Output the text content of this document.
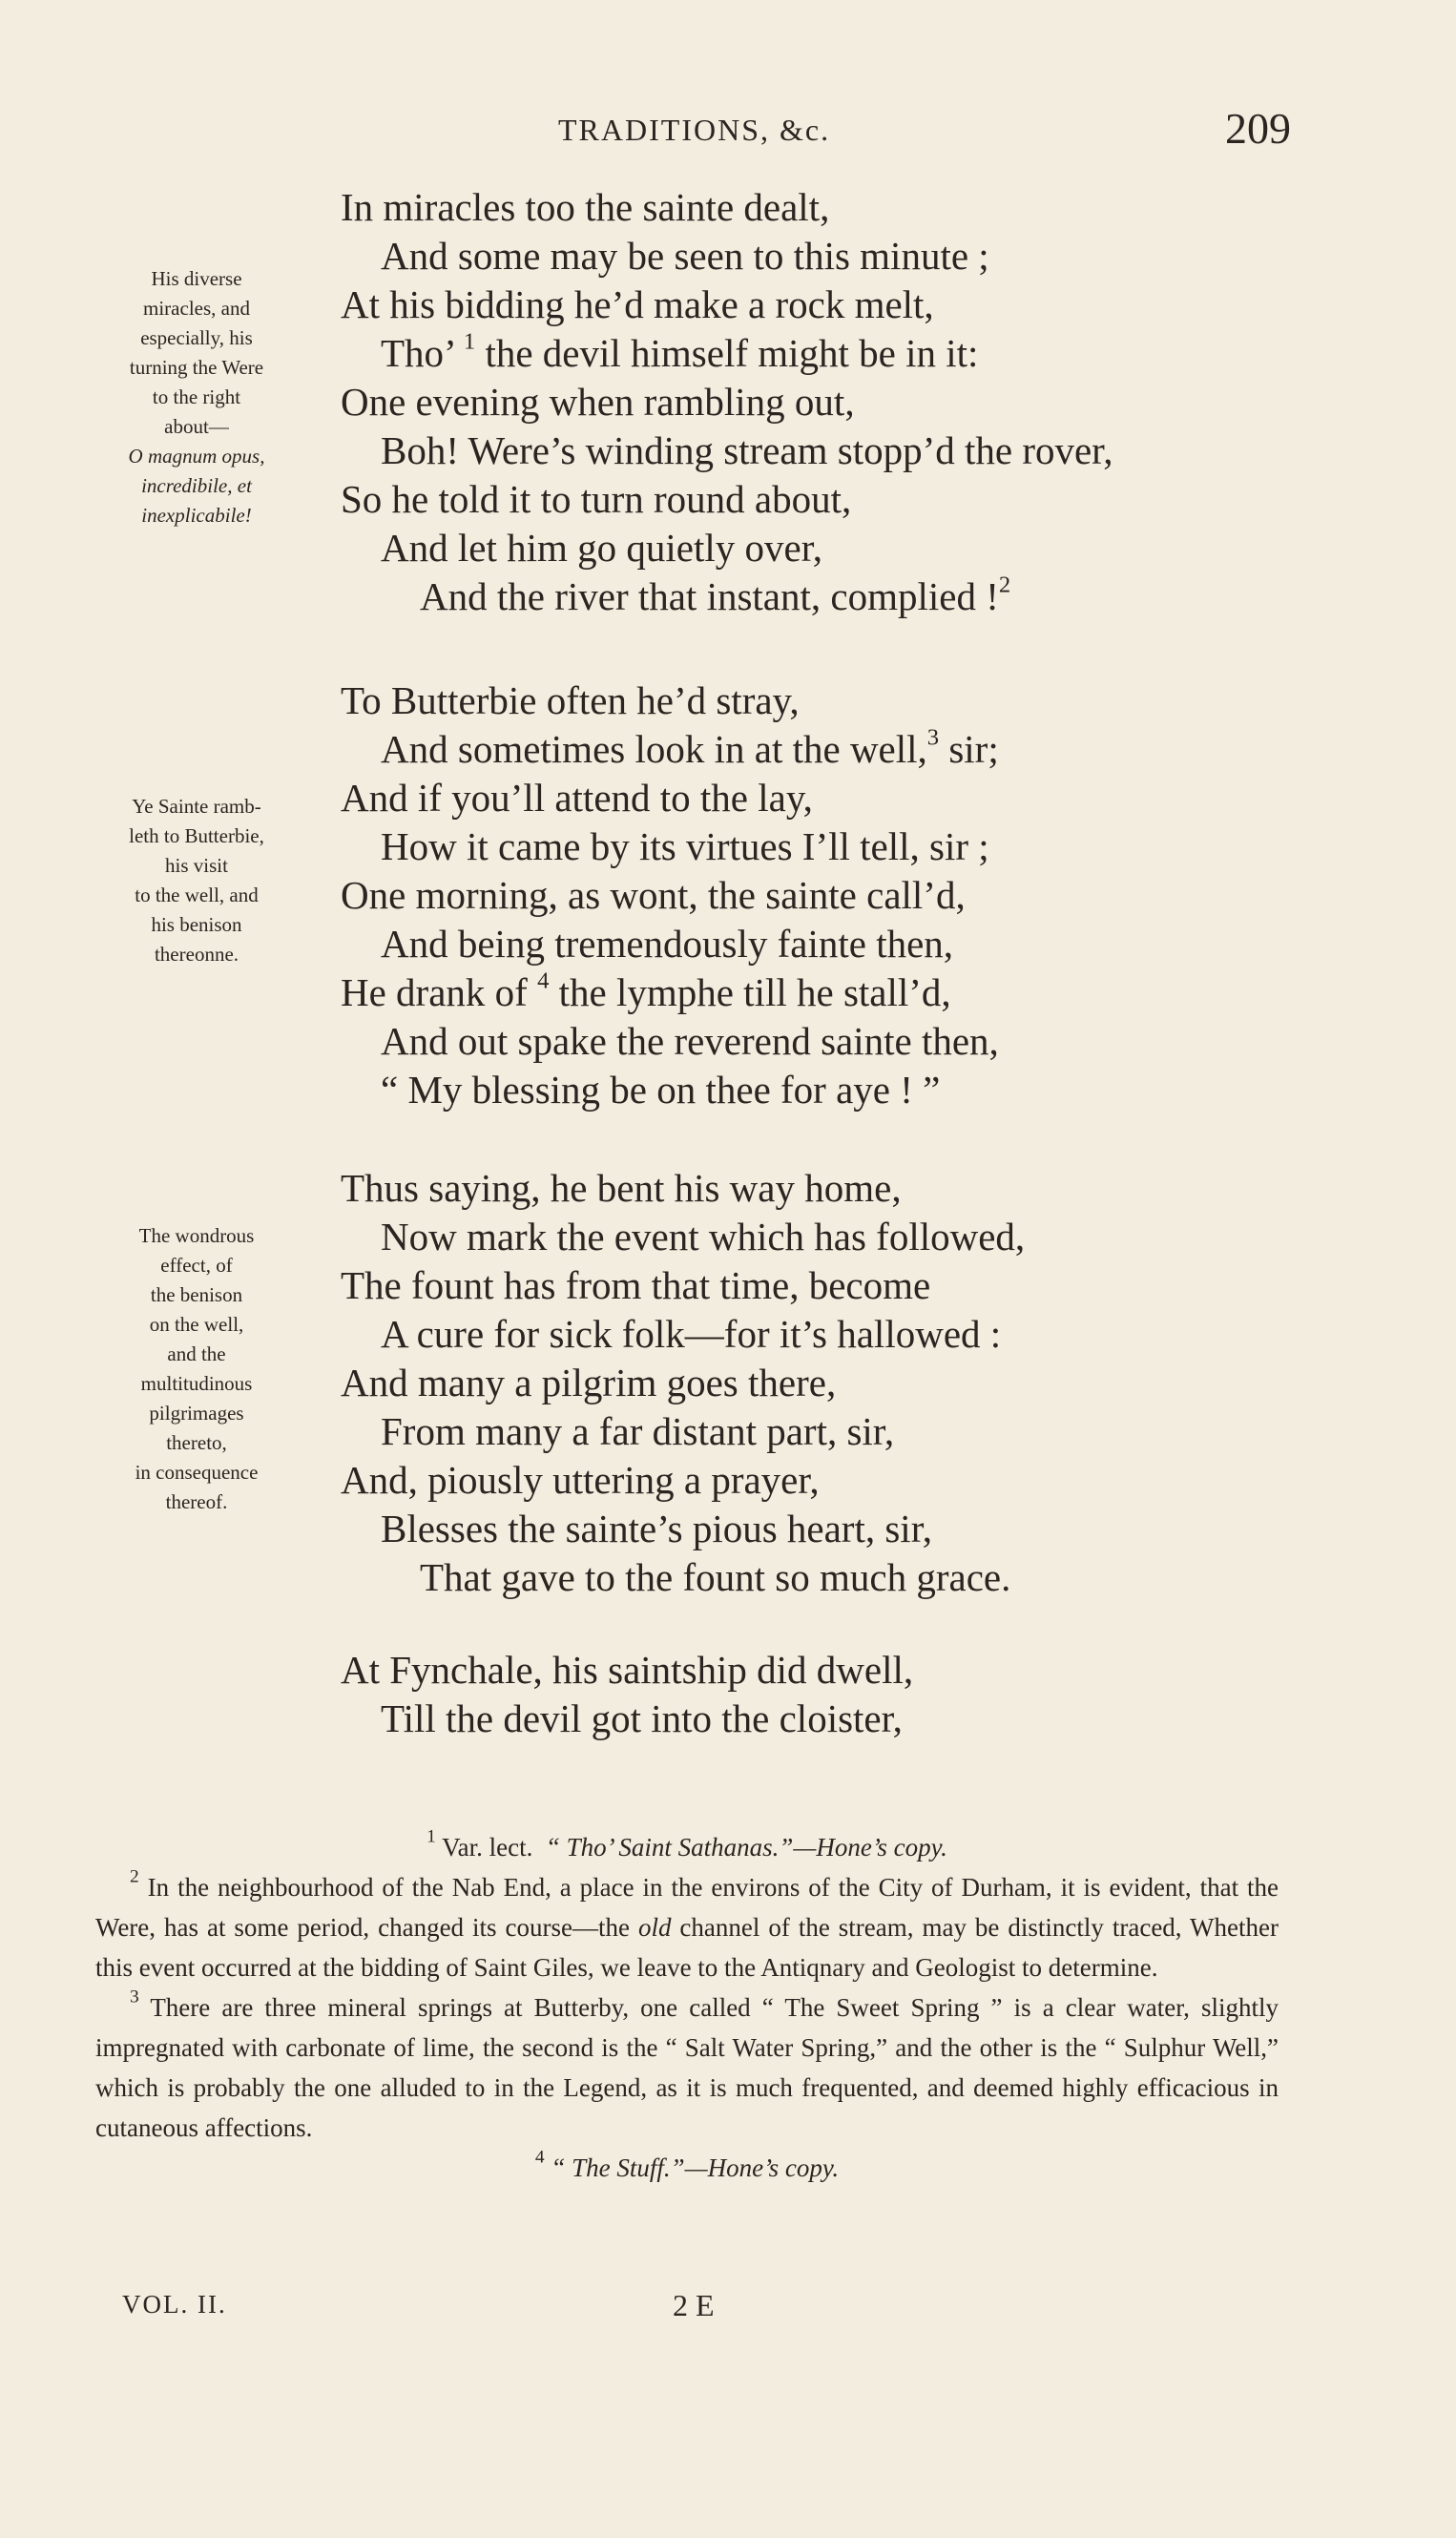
TRADITIONS, &c.	209
His diverse
miracles, and
especially, his
turning the Were
to the right
about—
O magnum opus,
incredibile, et
inexplicabile!
Ye Sainte ramb-
leth to Butterbie,
his visit
to the well, and
his benison
thereonne.
The wondrous
effect, of
the benison
on the well,
and the
multitudinous
pilgrimages
thereto,
in consequence
thereof.
In miracles too the sainte dealt,
And some may be seen to this minute ;
At his bidding he’d make a rock melt,
Tho’ $^1$ the devil himself might be in it:
One evening when rambling out,
Boh! Were’s winding stream stopp’d the rover,
So he told it to turn round about,
And let him go quietly over,
And the river that instant, complied !$^2$
To Butterbie often he’d stray,
And sometimes look in at the well,$^3$ sir;
And if you’ll attend to the lay,
How it came by its virtues I’ll tell, sir ;
One morning, as wont, the sainte call’d,
And being tremendously fainte then,
He drank of $^4$ the lymphe till he stall’d,
And out spake the reverend sainte then,
“ My blessing be on thee for aye ! ”
Thus saying, he bent his way home,
Now mark the event which has followed,
The fount has from that time, become
A cure for sick folk—for it’s hallowed :
And many a pilgrim goes there,
From many a far distant part, sir,
And, piously uttering a prayer,
Blesses the sainte’s pious heart, sir,
That gave to the fount so much grace.
At Fynchale, his saintship did dwell,
Till the devil got into the cloister,

$^1$ Var. lect. “ Tho’ Saint Sathanas.”—Hone’s copy.

$^2$ In the neighbourhood of the Nab End, a place in the environs of the City of Durham, it is evident, that the Were, has at some period, changed its course—the old channel of the stream, may be distinctly traced, Whether this event occurred at the bidding of Saint Giles, we leave to the Antiqnary and Geologist to determine.

$^3$ There are three mineral springs at Butterby, one called “ The Sweet Spring ” is a clear water, slightly impregnated with carbonate of lime, the second is the “ Salt Water Spring,” and the other is the “ Sulphur Well,” which is probably the one alluded to in the Legend, as it is much frequented, and deemed highly efficacious in cutaneous affections.

$^4$ “ The Stuff.”—Hone’s copy.

VOL. II.	2 E
